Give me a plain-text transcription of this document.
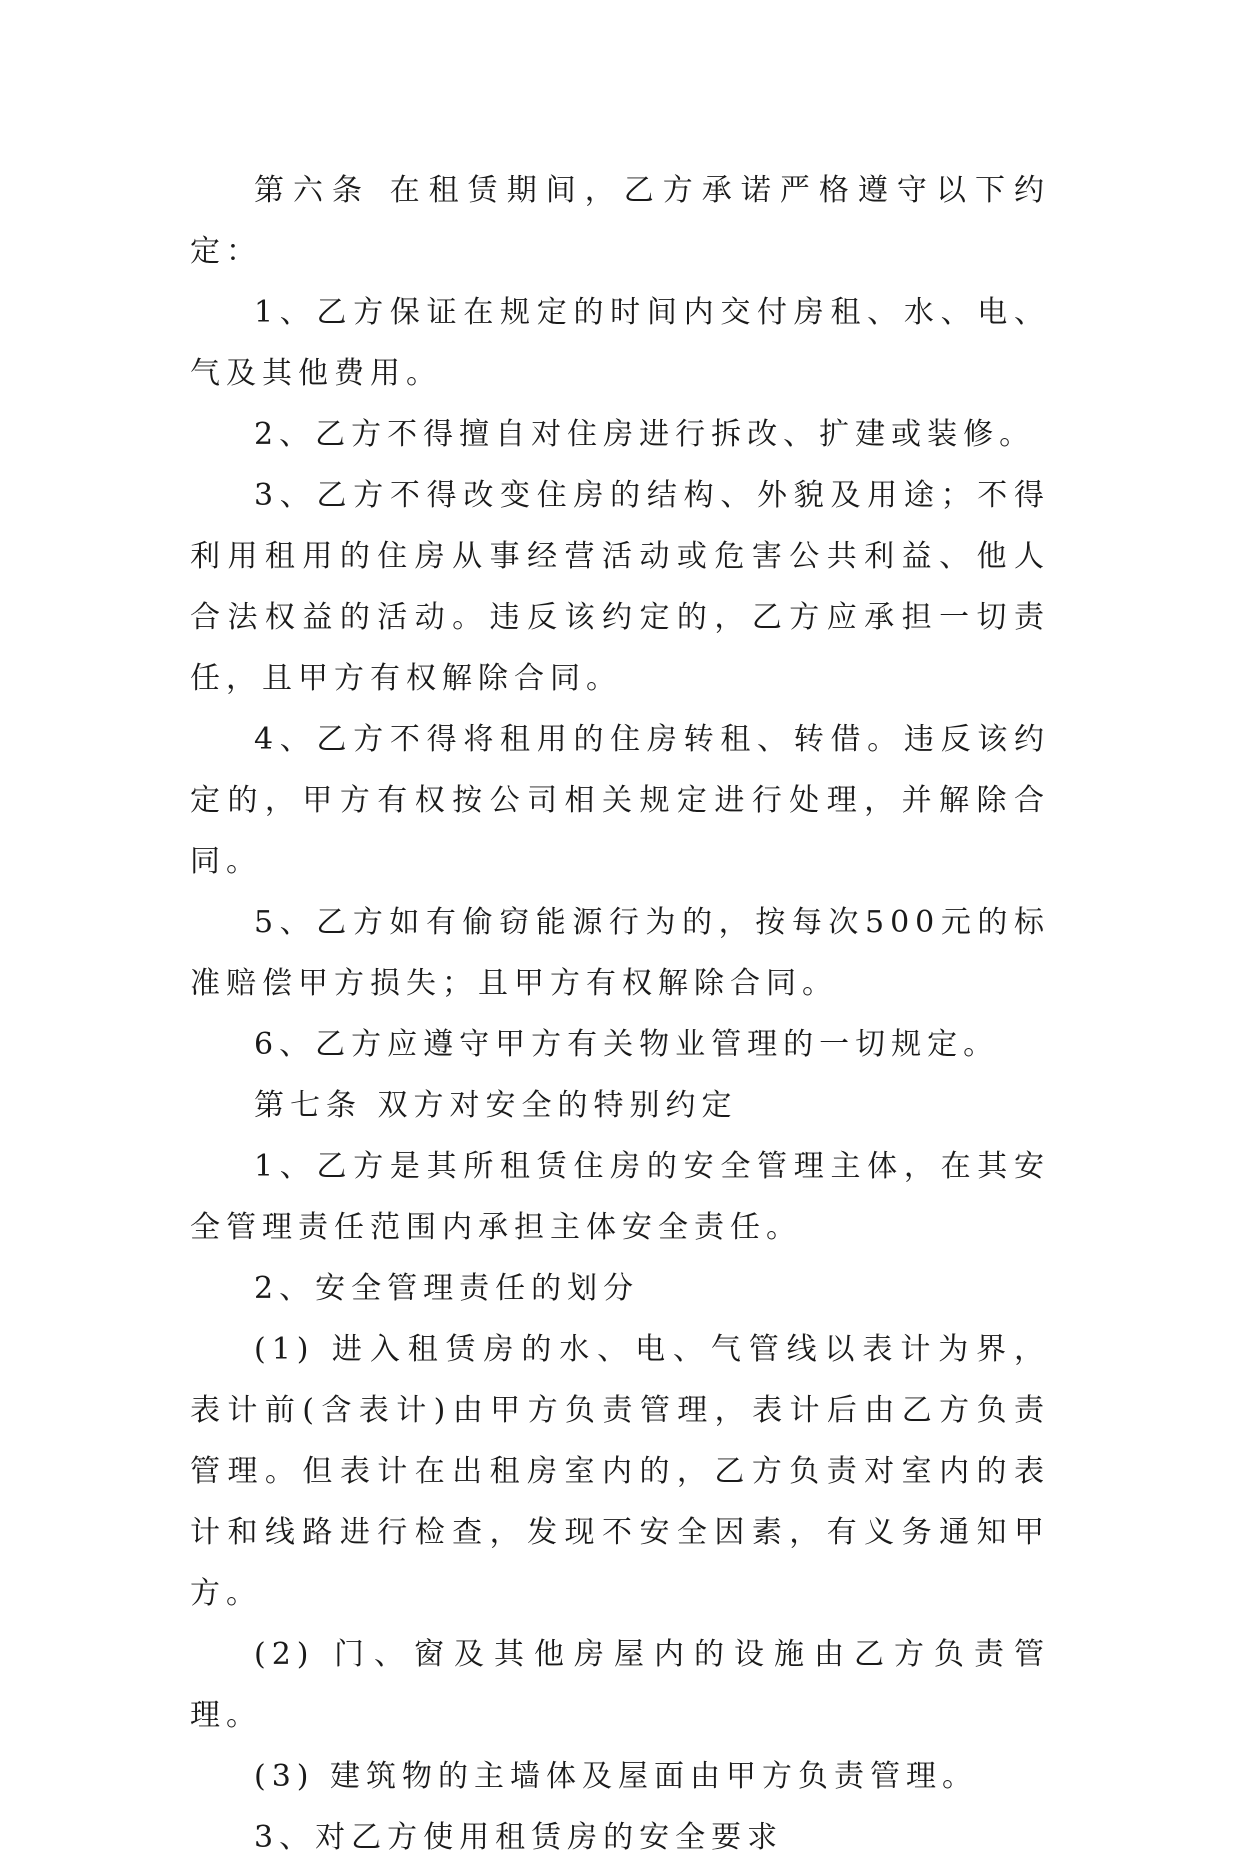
第六条 在租赁期间，乙方承诺严格遵守以下约定：

1、乙方保证在规定的时间内交付房租、水、电、气及其他费用。

2、乙方不得擅自对住房进行拆改、扩建或装修。

3、乙方不得改变住房的结构、外貌及用途；不得利用租用的住房从事经营活动或危害公共利益、他人合法权益的活动。违反该约定的，乙方应承担一切责任，且甲方有权解除合同。

4、乙方不得将租用的住房转租、转借。违反该约定的，甲方有权按公司相关规定进行处理，并解除合同。

5、乙方如有偷窃能源行为的，按每次500元的标准赔偿甲方损失；且甲方有权解除合同。

6、乙方应遵守甲方有关物业管理的一切规定。

第七条 双方对安全的特别约定

1、乙方是其所租赁住房的安全管理主体，在其安全管理责任范围内承担主体安全责任。

2、安全管理责任的划分

(1) 进入租赁房的水、电、气管线以表计为界，表计前(含表计)由甲方负责管理，表计后由乙方负责管理。但表计在出租房室内的，乙方负责对室内的表计和线路进行检查，发现不安全因素，有义务通知甲方。

(2) 门、窗及其他房屋内的设施由乙方负责管理。

(3) 建筑物的主墙体及屋面由甲方负责管理。

3、对乙方使用租赁房的安全要求
